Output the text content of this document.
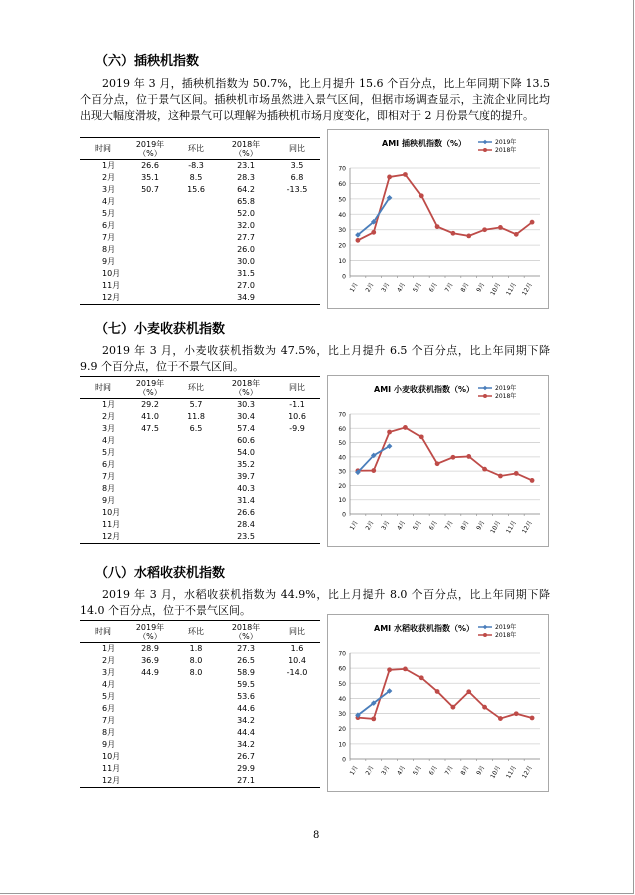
（六）插秧机指数
2019 年 3 月，插秧机指数为 50.7%，比上月提升 15.6 个百分点，比上年同期下降 13.5 个百分点，位于景气区间。插秧机市场虽然进入景气区间，但据市场调查显示，主流企业同比均出现大幅度滑坡，这种景气可以理解为插秧机市场月度变化，即相对于 2 月份景气度的提升。
时间	2019年
（%）	环比	2018年
（%）	同比
1月	26.6	-8.3	23.1	3.5
2月	35.1	8.5	28.3	6.8
3月	50.7	15.6	64.2	-13.5
4月			65.8	
5月			52.0	
6月			32.0	
7月			27.7	
8月			26.0	
9月			30.0	
10月			31.5	
11月			27.0	
12月			34.9	
AMI 插秧机指数（%）
0
10
20
30
40
50
60
70
1月 2月 3月 4月 5月 6月 7月 8月 9月 10月 11月 12月
2019年
2018年
（七）小麦收获机指数
2019 年 3 月，小麦收获机指数为 47.5%，比上月提升 6.5 个百分点，比上年同期下降 9.9 个百分点，位于不景气区间。
时间	2019年
（%）	环比	2018年
（%）	同比
1月	29.2	5.7	30.3	-1.1
2月	41.0	11.8	30.4	10.6
3月	47.5	6.5	57.4	-9.9
4月			60.6	
5月			54.0	
6月			35.2	
7月			39.7	
8月			40.3	
9月			31.4	
10月			26.6	
11月			28.4	
12月			23.5	
AMI 小麦收获机指数（%）
0
10
20
30
40
50
60
70
1月 2月 3月 4月 5月 6月 7月 8月 9月 10月 11月 12月
2019年
2018年
（八）水稻收获机指数
2019 年 3 月，水稻收获机指数为 44.9%，比上月提升 8.0 个百分点，比上年同期下降 14.0 个百分点，位于不景气区间。
时间	2019年
（%）	环比	2018年
（%）	同比
1月	28.9	1.8	27.3	1.6
2月	36.9	8.0	26.5	10.4
3月	44.9	8.0	58.9	-14.0
4月			59.5	
5月			53.6	
6月			44.6	
7月			34.2	
8月			44.4	
9月			34.2	
10月			26.7	
11月			29.9	
12月			27.1	
AMI 水稻收获机指数（%）
0
10
20
30
40
50
60
70
1月 2月 3月 4月 5月 6月 7月 8月 9月 10月 11月 12月
2019年
2018年
8
